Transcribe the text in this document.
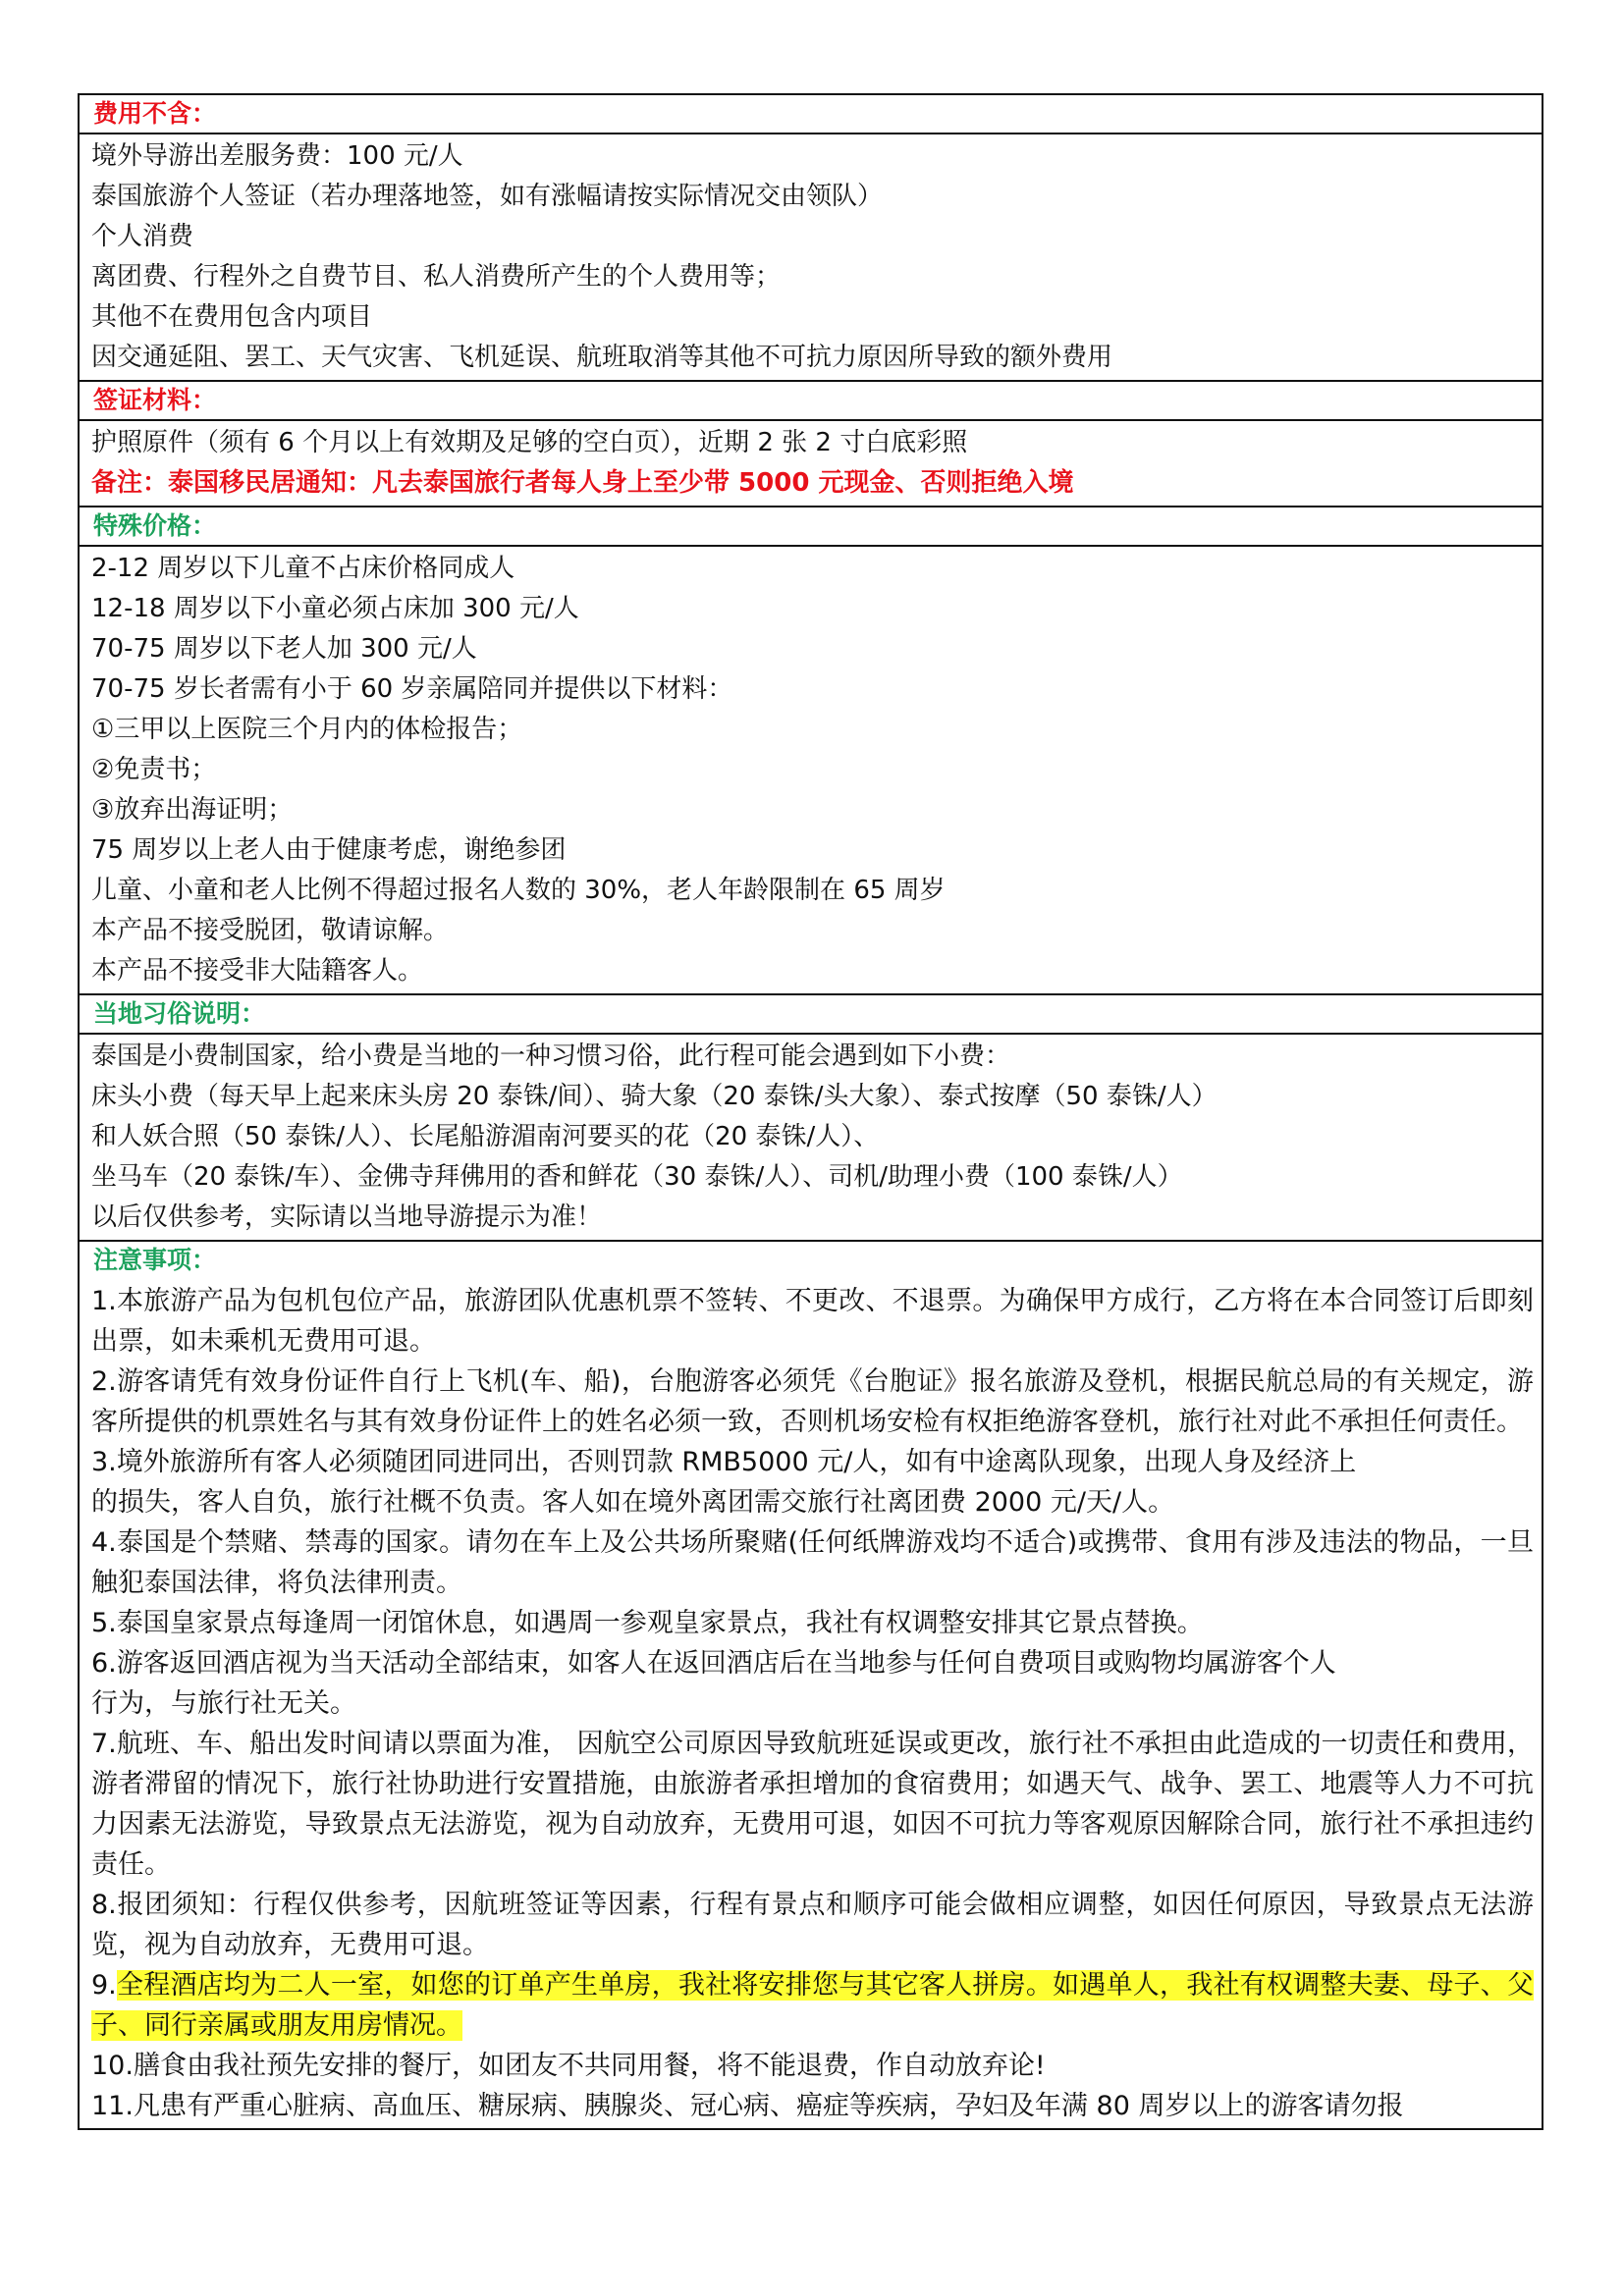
费用不含：
境外导游出差服务费：100 元/人
泰国旅游个人签证（若办理落地签，如有涨幅请按实际情况交由领队）
个人消费
离团费、行程外之自费节目、私人消费所产生的个人费用等；
其他不在费用包含内项目
因交通延阻、罢工、天气灾害、飞机延误、航班取消等其他不可抗力原因所导致的额外费用
签证材料：
护照原件（须有 6 个月以上有效期及足够的空白页），近期 2 张 2 寸白底彩照
备注：泰国移民居通知：凡去泰国旅行者每人身上至少带 5000 元现金、否则拒绝入境
特殊价格：
2-12 周岁以下儿童不占床价格同成人
12-18 周岁以下小童必须占床加 300 元/人
70-75 周岁以下老人加 300 元/人
70-75 岁长者需有小于 60 岁亲属陪同并提供以下材料：
①三甲以上医院三个月内的体检报告；
②免责书；
③放弃出海证明；
75 周岁以上老人由于健康考虑，谢绝参团
儿童、小童和老人比例不得超过报名人数的 30%，老人年龄限制在 65 周岁
本产品不接受脱团，敬请谅解。
本产品不接受非大陆籍客人。
当地习俗说明：
泰国是小费制国家，给小费是当地的一种习惯习俗，此行程可能会遇到如下小费：
床头小费（每天早上起来床头房 20 泰铢/间）、骑大象（20 泰铢/头大象）、泰式按摩（50 泰铢/人）
和人妖合照（50 泰铢/人）、长尾船游湄南河要买的花（20 泰铢/人）、
坐马车（20 泰铢/车）、金佛寺拜佛用的香和鲜花（30 泰铢/人）、司机/助理小费（100 泰铢/人）
以后仅供参考，实际请以当地导游提示为准！
注意事项：
1.本旅游产品为包机包位产品，旅游团队优惠机票不签转、不更改、不退票。为确保甲方成行，乙方将在本合同签订后即刻出票，如未乘机无费用可退。
2.游客请凭有效身份证件自行上飞机(车、船)，台胞游客必须凭《台胞证》报名旅游及登机，根据民航总局的有关规定，游客所提供的机票姓名与其有效身份证件上的姓名必须一致，否则机场安检有权拒绝游客登机，旅行社对此不承担任何责任。
3.境外旅游所有客人必须随团同进同出，否则罚款 RMB5000 元/人，如有中途离队现象，出现人身及经济上
的损失，客人自负，旅行社概不负责。客人如在境外离团需交旅行社离团费 2000 元/天/人。
4.泰国是个禁赌、禁毒的国家。请勿在车上及公共场所聚赌(任何纸牌游戏均不适合)或携带、食用有涉及违法的物品，一旦触犯泰国法律，将负法律刑责。
5.泰国皇家景点每逢周一闭馆休息，如遇周一参观皇家景点，我社有权调整安排其它景点替换。
6.游客返回酒店视为当天活动全部结束，如客人在返回酒店后在当地参与任何自费项目或购物均属游客个人
行为，与旅行社无关。
7.航班、车、船出发时间请以票面为准， 因航空公司原因导致航班延误或更改，旅行社不承担由此造成的一切责任和费用，游者滞留的情况下，旅行社协助进行安置措施，由旅游者承担增加的食宿费用；如遇天气、战争、罢工、地震等人力不可抗力因素无法游览，导致景点无法游览，视为自动放弃，无费用可退，如因不可抗力等客观原因解除合同，旅行社不承担违约责任。
8.报团须知：行程仅供参考，因航班签证等因素，行程有景点和顺序可能会做相应调整，如因任何原因，导致景点无法游览，视为自动放弃，无费用可退。
9.全程酒店均为二人一室，如您的订单产生单房，我社将安排您与其它客人拼房。如遇单人，我社有权调整夫妻、母子、父子、同行亲属或朋友用房情况。
10.膳食由我社预先安排的餐厅，如团友不共同用餐，将不能退费，作自动放弃论!
11.凡患有严重心脏病、高血压、糖尿病、胰腺炎、冠心病、癌症等疾病，孕妇及年满 80 周岁以上的游客请勿报
